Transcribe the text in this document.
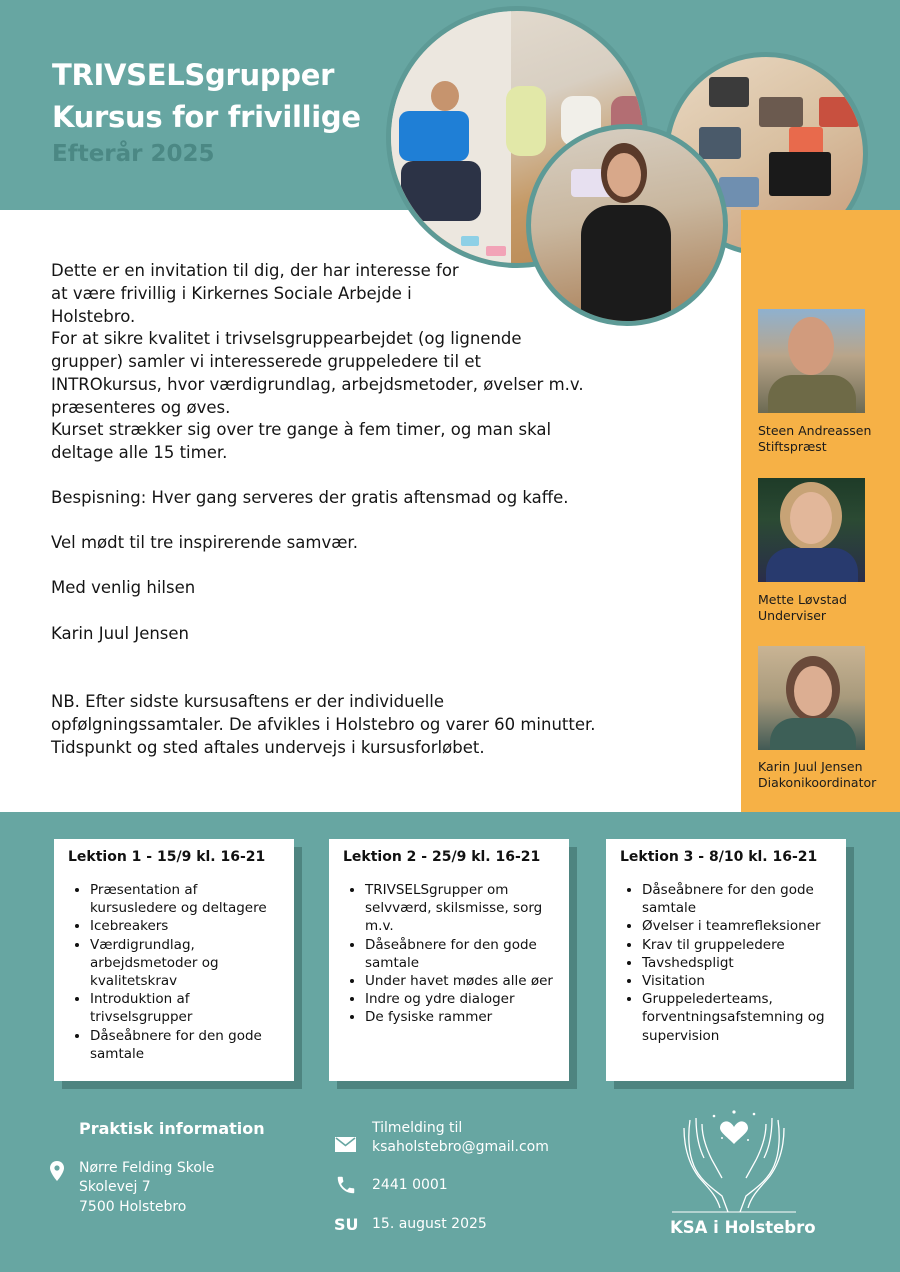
TRIVSELSgrupper
Kursus for frivillige
Efterår 2025
Steen Andreassen
Stiftspræst
Mette Løvstad
Underviser
Karin Juul Jensen
Diakonikoordinator

Dette er en invitation til dig, der har interesse for at være frivillig i Kirkernes Sociale Arbejde i Holstebro.

For at sikre kvalitet i trivselsgruppearbejdet (og lignende grupper) samler vi interesserede gruppeledere til et INTROkursus, hvor værdigrundlag, arbejdsmetoder, øvelser m.v. præsenteres og øves.

Kurset strækker sig over tre gange à fem timer, og man skal deltage alle 15 timer.

Bespisning: Hver gang serveres der gratis aftensmad og kaffe.

Vel mødt til tre inspirerende samvær.

Med venlig hilsen

Karin Juul Jensen

NB. Efter sidste kursusaftens er der individuelle opfølgningssamtaler. De afvikles i Holstebro og varer 60 minutter. Tidspunkt og sted aftales undervejs i kursusforløbet.

Lektion 1 - 15/9 kl. 16-21
• Præsentation af kursusledere og deltagere
• Icebreakers
• Værdigrundlag, arbejdsmetoder og kvalitetskrav
• Introduktion af trivselsgrupper
• Dåseåbnere for den gode samtale
Lektion 2 - 25/9 kl. 16-21
• TRIVSELSgrupper om selvværd, skilsmisse, sorg m.v.
• Dåseåbnere for den gode samtale
• Under havet mødes alle øer
• Indre og ydre dialoger
• De fysiske rammer
Lektion 3 - 8/10 kl. 16-21
• Dåseåbnere for den gode samtale
• Øvelser i teamrefleksioner
• Krav til gruppeledere
• Tavshedspligt
• Visitation
• Gruppelederteams, forventningsafstemning og supervision
Praktisk information
Nørre Felding Skole
Skolevej 7
7500 Holstebro
Tilmelding til
ksaholstebro@gmail.com
2441 0001
SU 15. august 2025	KSA i Holstebro
